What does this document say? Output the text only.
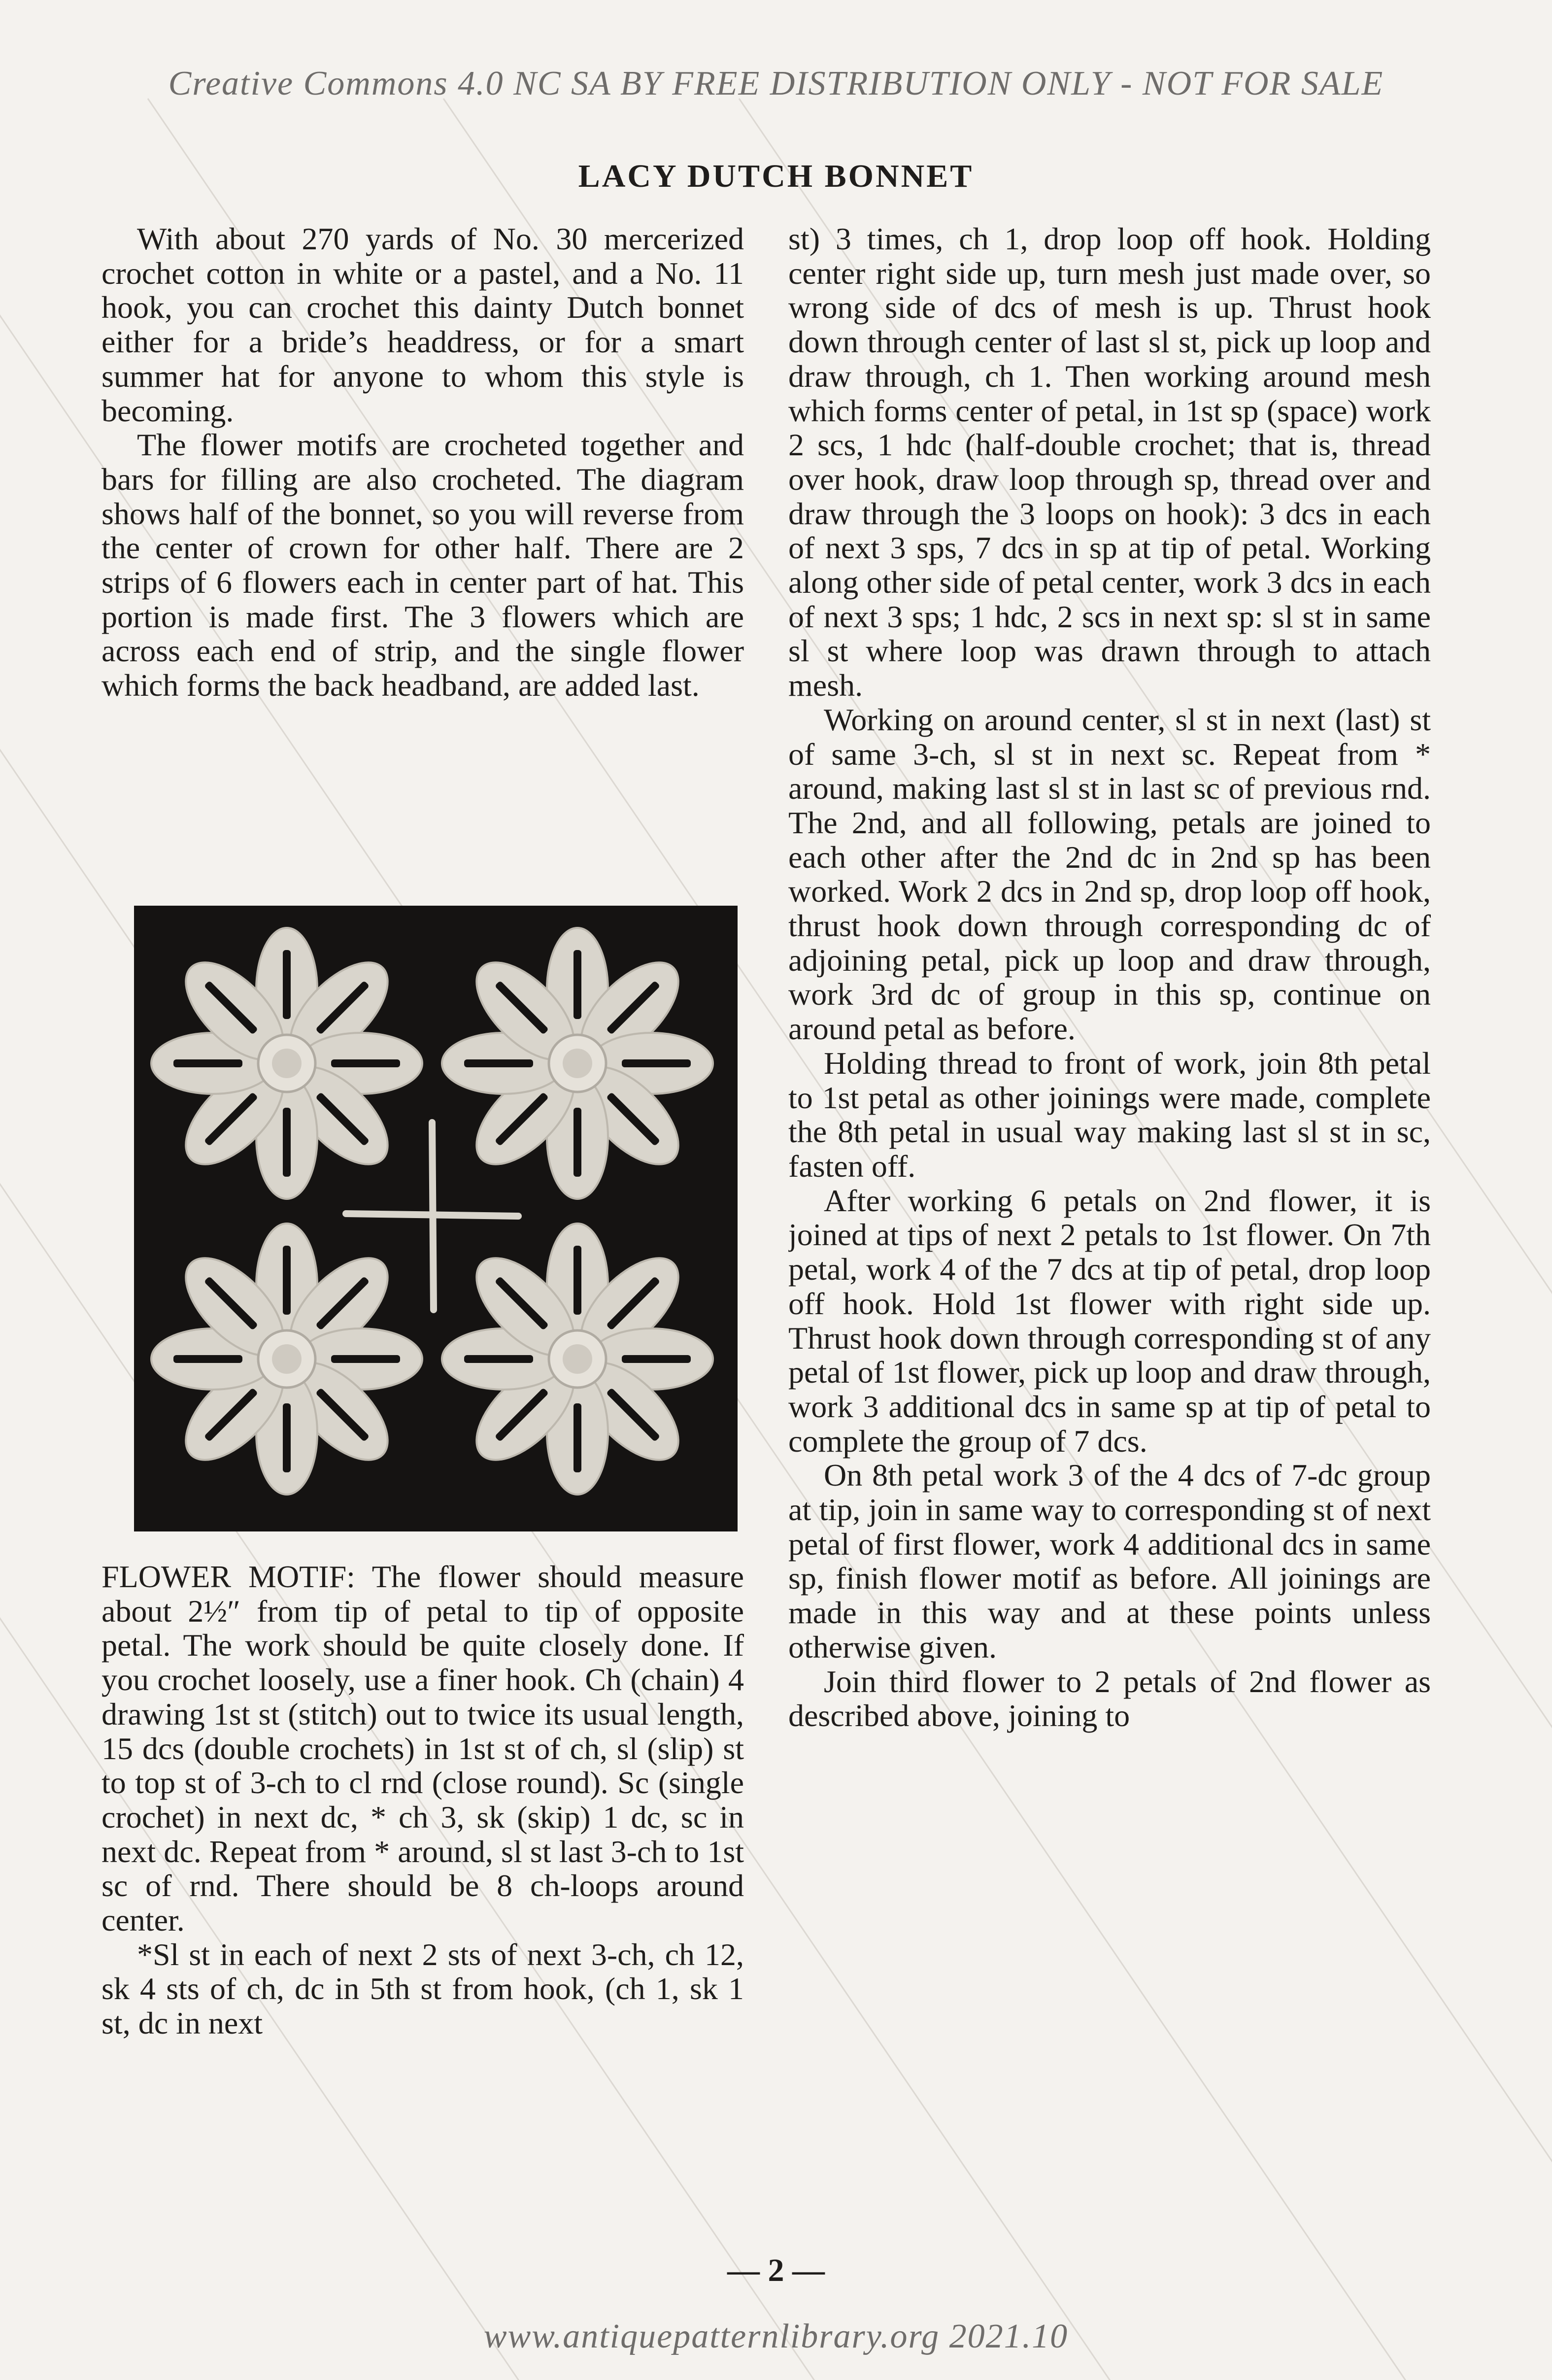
Creative Commons 4.0 NC SA BY FREE DISTRIBUTION ONLY - NOT FOR SALE
LACY DUTCH BONNET

With about 270 yards of No. 30 mercerized crochet cotton in white or a pastel, and a No. 11 hook, you can crochet this dainty Dutch bonnet either for a bride’s headdress, or for a smart summer hat for anyone to whom this style is becoming.

The flower motifs are crocheted together and bars for filling are also crocheted. The diagram shows half of the bonnet, so you will reverse from the center of crown for other half. There are 2 strips of 6 flowers each in center part of hat. This portion is made first. The 3 flowers which are across each end of strip, and the single flower which forms the back headband, are added last.

FLOWER MOTIF: The flower should measure about 2½″ from tip of petal to tip of opposite petal. The work should be quite closely done. If you crochet loosely, use a finer hook. Ch (chain) 4 drawing 1st st (stitch) out to twice its usual length, 15 dcs (double crochets) in 1st st of ch, sl (slip) st to top st of 3-ch to cl rnd (close round). Sc (single crochet) in next dc, * ch 3, sk (skip) 1 dc, sc in next dc. Repeat from * around, sl st last 3-ch to 1st sc of rnd. There should be 8 ch-loops around center.

*Sl st in each of next 2 sts of next 3-ch, ch 12, sk 4 sts of ch, dc in 5th st from hook, (ch 1, sk 1 st, dc in next

st) 3 times, ch 1, drop loop off hook. Holding center right side up, turn mesh just made over, so wrong side of dcs of mesh is up. Thrust hook down through center of last sl st, pick up loop and draw through, ch 1. Then working around mesh which forms center of petal, in 1st sp (space) work 2 scs, 1 hdc (half-double crochet; that is, thread over hook, draw loop through sp, thread over and draw through the 3 loops on hook): 3 dcs in each of next 3 sps, 7 dcs in sp at tip of petal. Working along other side of petal center, work 3 dcs in each of next 3 sps; 1 hdc, 2 scs in next sp: sl st in same sl st where loop was drawn through to attach mesh.

Working on around center, sl st in next (last) st of same 3-ch, sl st in next sc. Repeat from * around, making last sl st in last sc of previous rnd. The 2nd, and all following, petals are joined to each other after the 2nd dc in 2nd sp has been worked. Work 2 dcs in 2nd sp, drop loop off hook, thrust hook down through corresponding dc of adjoining petal, pick up loop and draw through, work 3rd dc of group in this sp, continue on around petal as before.

Holding thread to front of work, join 8th petal to 1st petal as other joinings were made, complete the 8th petal in usual way making last sl st in sc, fasten off.

After working 6 petals on 2nd flower, it is joined at tips of next 2 petals to 1st flower. On 7th petal, work 4 of the 7 dcs at tip of petal, drop loop off hook. Hold 1st flower with right side up. Thrust hook down through corresponding st of any petal of 1st flower, pick up loop and draw through, work 3 additional dcs in same sp at tip of petal to complete the group of 7 dcs.

On 8th petal work 3 of the 4 dcs of 7-dc group at tip, join in same way to corresponding st of next petal of first flower, work 4 additional dcs in same sp, finish flower motif as before. All joinings are made in this way and at these points unless otherwise given.

Join third flower to 2 petals of 2nd flower as described above, joining to

— 2 —
www.antiquepatternlibrary.org 2021.10
